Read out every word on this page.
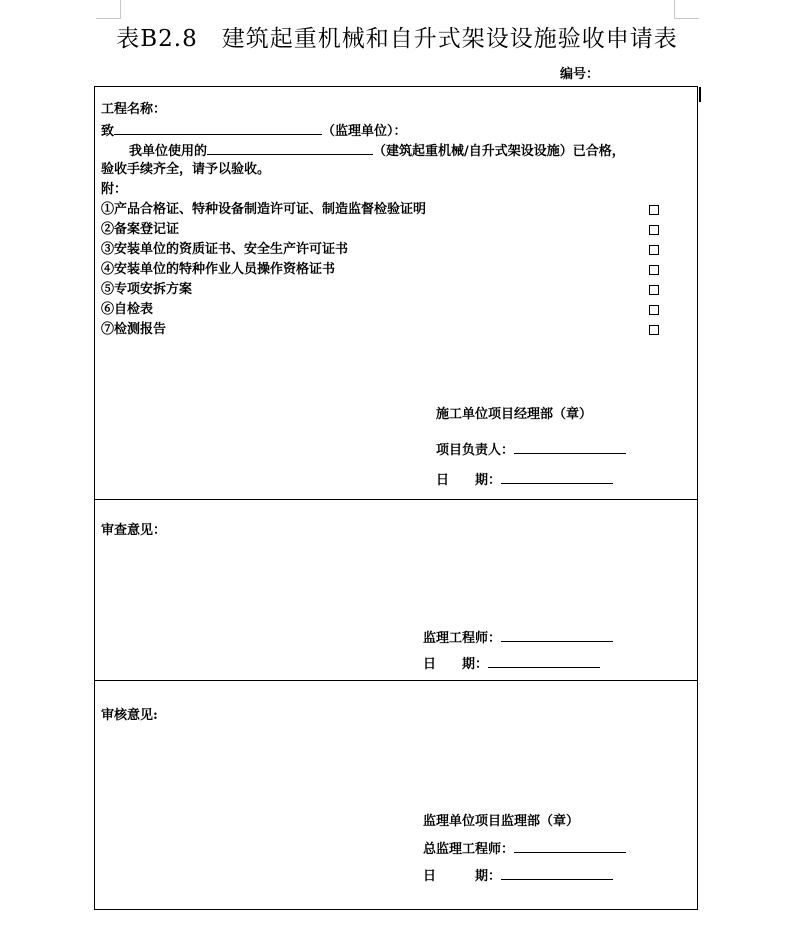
表B2.8　建筑起重机械和自升式架设设施验收申请表
编号：
工程名称：
致	（监理单位）：
我单位使用的	（建筑起重机械/自升式架设设施）已合格，
验收手续齐全，请予以验收。
附：
①产品合格证、特种设备制造许可证、制造监督检验证明
②备案登记证
③安装单位的资质证书、安全生产许可证书
④安装单位的特种作业人员操作资格证书
⑤专项安拆方案
⑥自检表
⑦检测报告
施工单位项目经理部（章）
项目负责人：
日　　期：
审查意见：
监理工程师：
日　　期：
审核意见:
监理单位项目监理部（章）
总监理工程师：
日　　　期：
